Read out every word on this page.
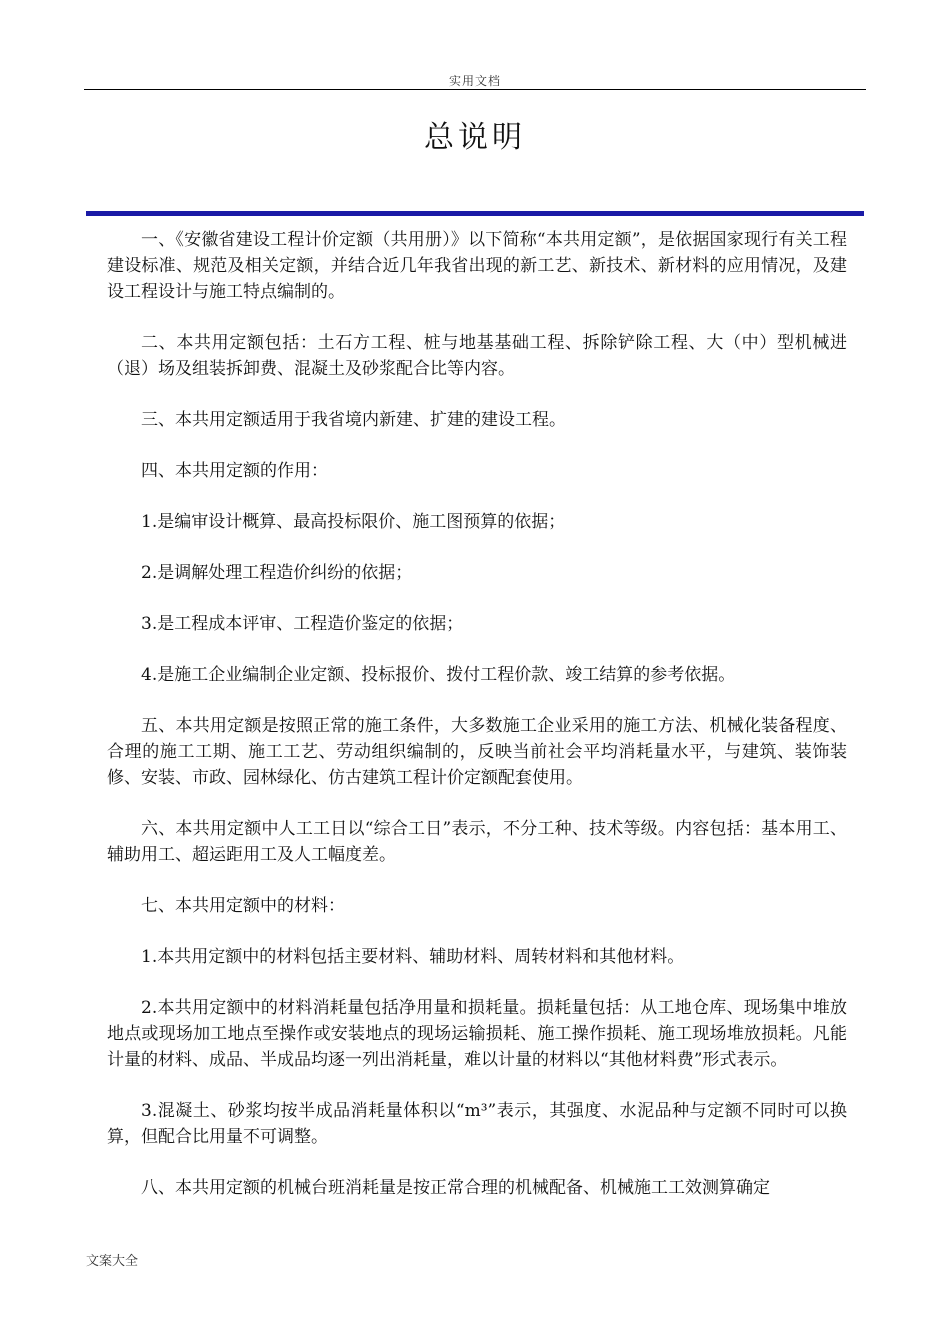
实用文档
总说明

一、《安徽省建设工程计价定额（共用册）》以下简称“本共用定额”，是依据国家现行有关工程建设标准、规范及相关定额，并结合近几年我省出现的新工艺、新技术、新材料的应用情况，及建设工程设计与施工特点编制的。

二、本共用定额包括：土石方工程、桩与地基基础工程、拆除铲除工程、大（中）型机械进（退）场及组装拆卸费、混凝土及砂浆配合比等内容。

三、本共用定额适用于我省境内新建、扩建的建设工程。

四、本共用定额的作用：

1.是编审设计概算、最高投标限价、施工图预算的依据；

2.是调解处理工程造价纠纷的依据；

3.是工程成本评审、工程造价鉴定的依据；

4.是施工企业编制企业定额、投标报价、拨付工程价款、竣工结算的参考依据。

五、本共用定额是按照正常的施工条件，大多数施工企业采用的施工方法、机械化装备程度、合理的施工工期、施工工艺、劳动组织编制的，反映当前社会平均消耗量水平，与建筑、装饰装修、安装、市政、园林绿化、仿古建筑工程计价定额配套使用。

六、本共用定额中人工工日以“综合工日”表示，不分工种、技术等级。内容包括：基本用工、辅助用工、超运距用工及人工幅度差。

七、本共用定额中的材料：

1.本共用定额中的材料包括主要材料、辅助材料、周转材料和其他材料。

2.本共用定额中的材料消耗量包括净用量和损耗量。损耗量包括：从工地仓库、现场集中堆放地点或现场加工地点至操作或安装地点的现场运输损耗、施工操作损耗、施工现场堆放损耗。凡能计量的材料、成品、半成品均逐一列出消耗量，难以计量的材料以“其他材料费”形式表示。

3.混凝土、砂浆均按半成品消耗量体积以“m³”表示，其强度、水泥品种与定额不同时可以换算，但配合比用量不可调整。

八、本共用定额的机械台班消耗量是按正常合理的机械配备、机械施工工效测算确定

文案大全
